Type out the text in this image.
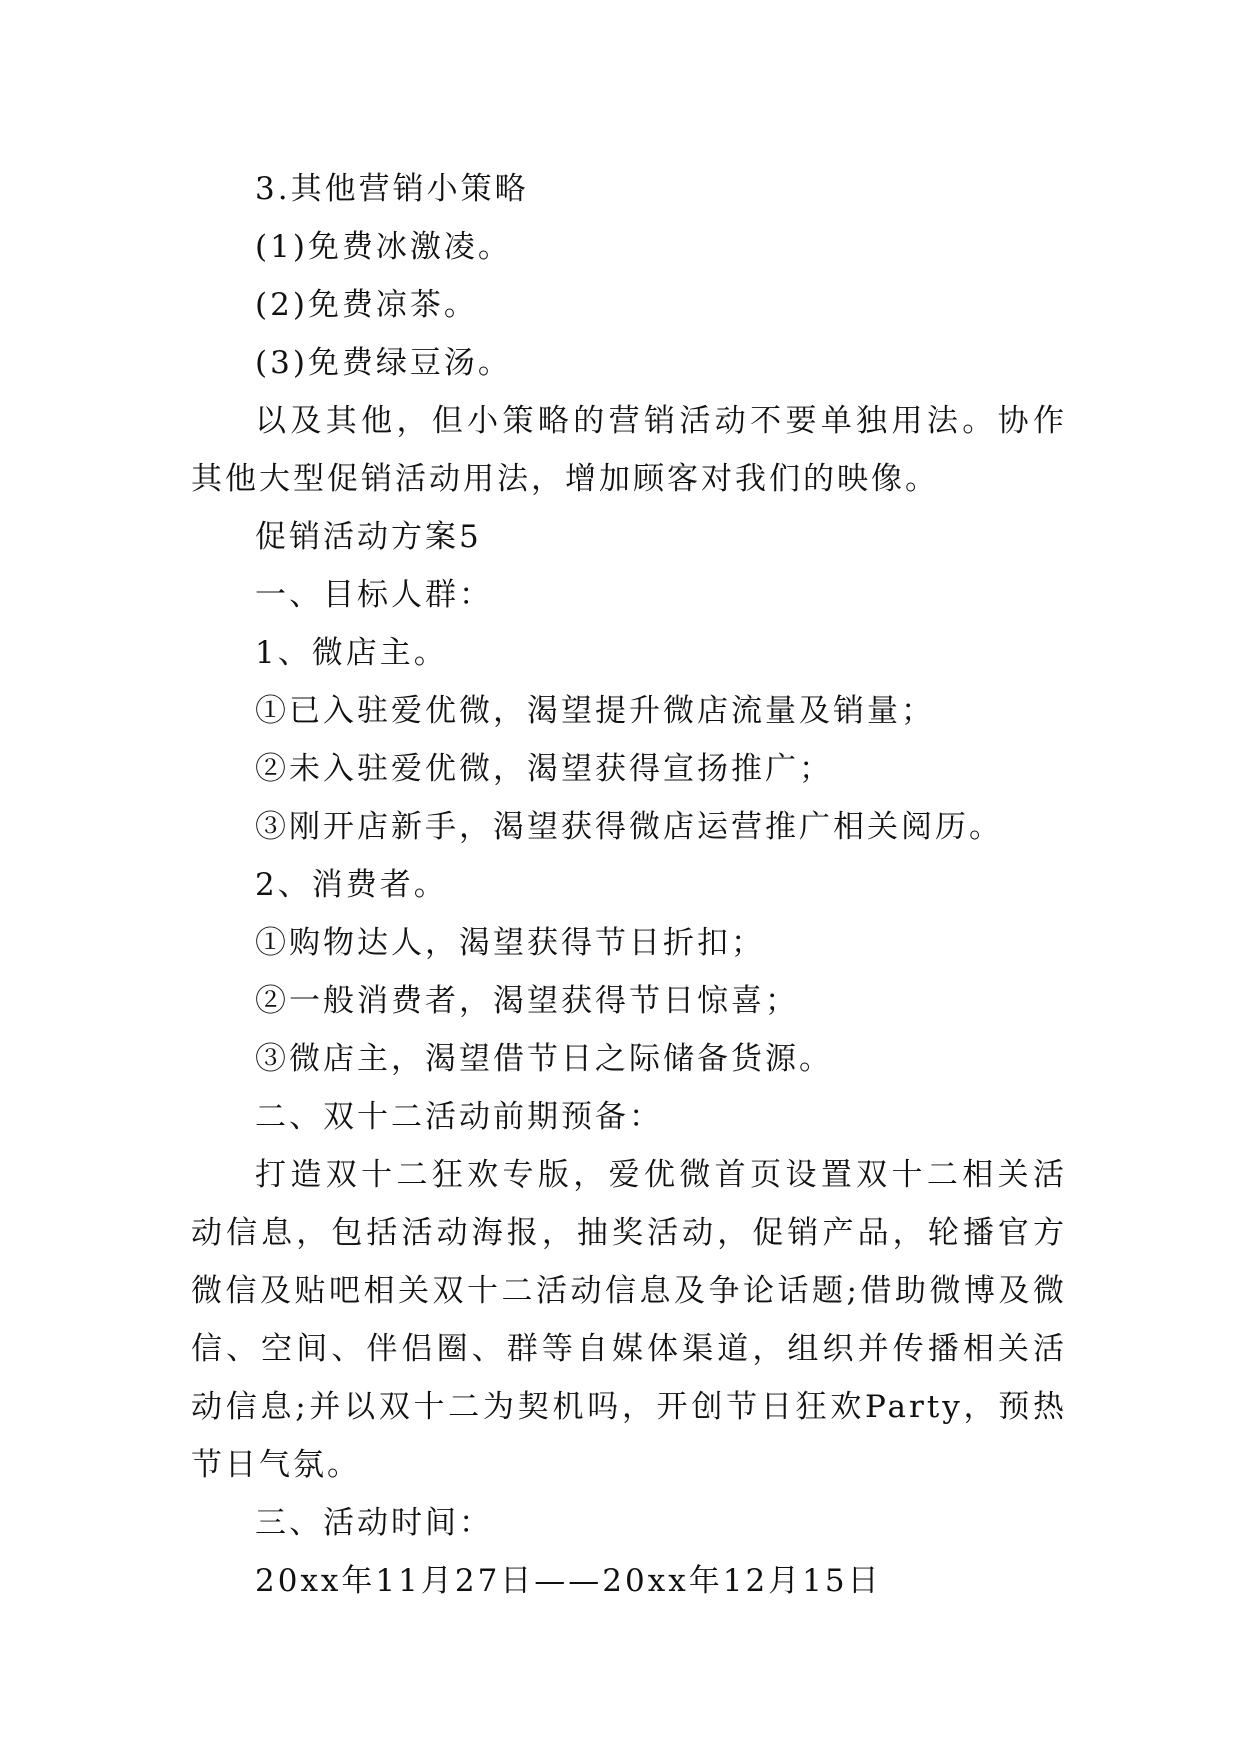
3.其他营销小策略
(1)免费冰激凌。
(2)免费凉茶。
(3)免费绿豆汤。

以及其他，但小策略的营销活动不要单独用法。协作其他大型促销活动用法，增加顾客对我们的映像。

促销活动方案5
一、目标人群：
1、微店主。
①已入驻爱优微，渴望提升微店流量及销量；
②未入驻爱优微，渴望获得宣扬推广；
③刚开店新手，渴望获得微店运营推广相关阅历。
2、消费者。
①购物达人，渴望获得节日折扣；
②一般消费者，渴望获得节日惊喜；
③微店主，渴望借节日之际储备货源。
二、双十二活动前期预备：

打造双十二狂欢专版，爱优微首页设置双十二相关活动信息，包括活动海报，抽奖活动，促销产品，轮播官方微信及贴吧相关双十二活动信息及争论话题;借助微博及微信、空间、伴侣圈、群等自媒体渠道，组织并传播相关活动信息;并以双十二为契机吗，开创节日狂欢Party，预热节日气氛。

三、活动时间：
20xx年11月27日——20xx年12月15日
